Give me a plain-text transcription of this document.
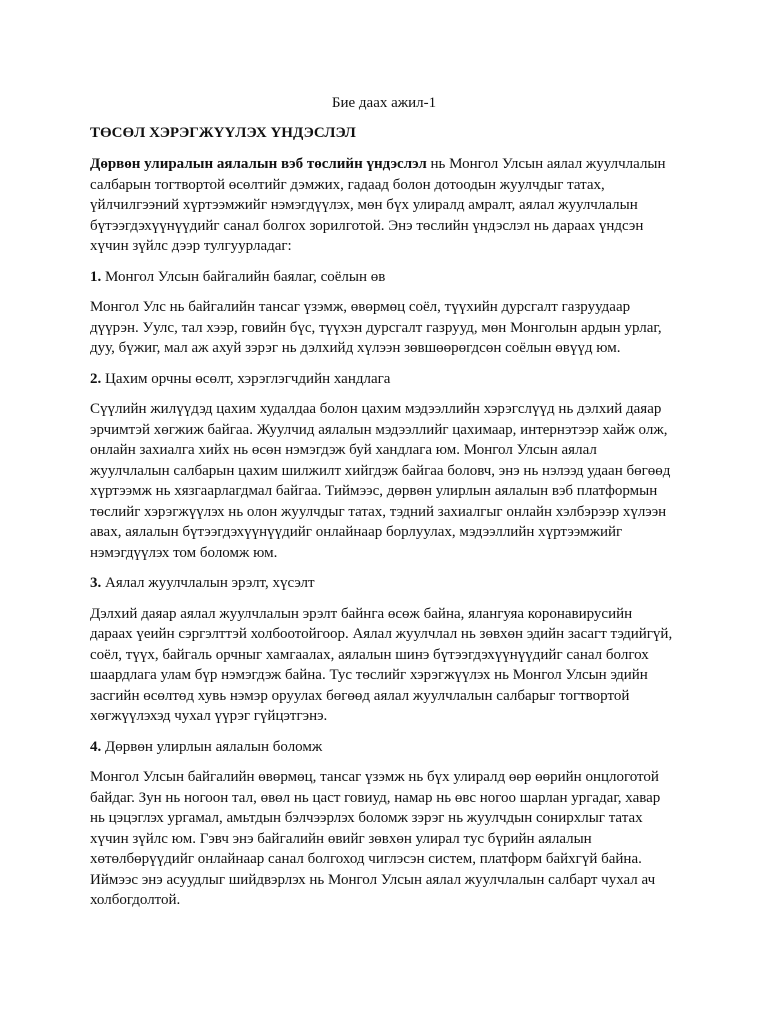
Бие даах ажил-1
ТӨСӨЛ ХЭРЭГЖҮҮЛЭХ ҮНДЭСЛЭЛ

Дөрвөн улиралын аялалын вэб төслийн үндэслэл нь Монгол Улсын аялал жуулчлалын салбарын тогтвортой өсөлтийг дэмжих, гадаад болон дотоодын жуулчдыг татах, үйлчилгээний хүртээмжийг нэмэгдүүлэх, мөн бүх улиралд амралт, аялал жуулчлалын бүтээгдэхүүнүүдийг санал болгох зорилготой. Энэ төслийн үндэслэл нь дараах үндсэн хүчин зүйлс дээр тулгуурладаг:

1. Монгол Улсын байгалийн баялаг, соёлын өв

Монгол Улс нь байгалийн тансаг үзэмж, өвөрмөц соёл, түүхийн дурсгалт газруудаар дүүрэн. Уулс, тал хээр, говийн бүс, түүхэн дурсгалт газрууд, мөн Монголын ардын урлаг, дуу, бүжиг, мал аж ахуй зэрэг нь дэлхийд хүлээн зөвшөөрөгдсөн соёлын өвүүд юм.

2. Цахим орчны өсөлт, хэрэглэгчдийн хандлага

Сүүлийн жилүүдэд цахим худалдаа болон цахим мэдээллийн хэрэгслүүд нь дэлхий даяар эрчимтэй хөгжиж байгаа. Жуулчид аялалын мэдээллийг цахимаар, интернэтээр хайж олж, онлайн захиалга хийх нь өсөн нэмэгдэж буй хандлага юм. Монгол Улсын аялал жуулчлалын салбарын цахим шилжилт хийгдэж байгаа боловч, энэ нь нэлээд удаан бөгөөд хүртээмж нь хязгаарлагдмал байгаа. Тиймээс, дөрвөн улирлын аялалын вэб платформын төслийг хэрэгжүүлэх нь олон жуулчдыг татах, тэдний захиалгыг онлайн хэлбэрээр хүлээн авах, аялалын бүтээгдэхүүнүүдийг онлайнаар борлуулах, мэдээллийн хүртээмжийг нэмэгдүүлэх том боломж юм.

3. Аялал жуулчлалын эрэлт, хүсэлт

Дэлхий даяар аялал жуулчлалын эрэлт байнга өсөж байна, ялангуяа коронавирусийн дараах үеийн сэргэлттэй холбоотойгоор. Аялал жуулчлал нь зөвхөн эдийн засагт тэдийгүй, соёл, түүх, байгаль орчныг хамгаалах, аялалын шинэ бүтээгдэхүүнүүдийг санал болгох шаардлага улам бүр нэмэгдэж байна. Тус төслийг хэрэгжүүлэх нь Монгол Улсын эдийн засгийн өсөлтөд хувь нэмэр оруулах бөгөөд аялал жуулчлалын салбарыг тогтвортой хөгжүүлэхэд чухал үүрэг гүйцэтгэнэ.

4. Дөрвөн улирлын аялалын боломж

Монгол Улсын байгалийн өвөрмөц, тансаг үзэмж нь бүх улиралд өөр өөрийн онцлоготой байдаг. Зун нь ногоон тал, өвөл нь цаст говиуд, намар нь өвс ногоо шарлан ургадаг, хавар нь цэцэглэх ургамал, амьтдын бэлчээрлэх боломж зэрэг нь жуулчдын сонирхлыг татах хүчин зүйлс юм. Гэвч энэ байгалийн өвийг зөвхөн улирал тус бүрийн аялалын хөтөлбөрүүдийг онлайнаар санал болгоход чиглэсэн систем, платформ байхгүй байна. Иймээс энэ асуудлыг шийдвэрлэх нь Монгол Улсын аялал жуулчлалын салбарт чухал ач холбогдолтой.
